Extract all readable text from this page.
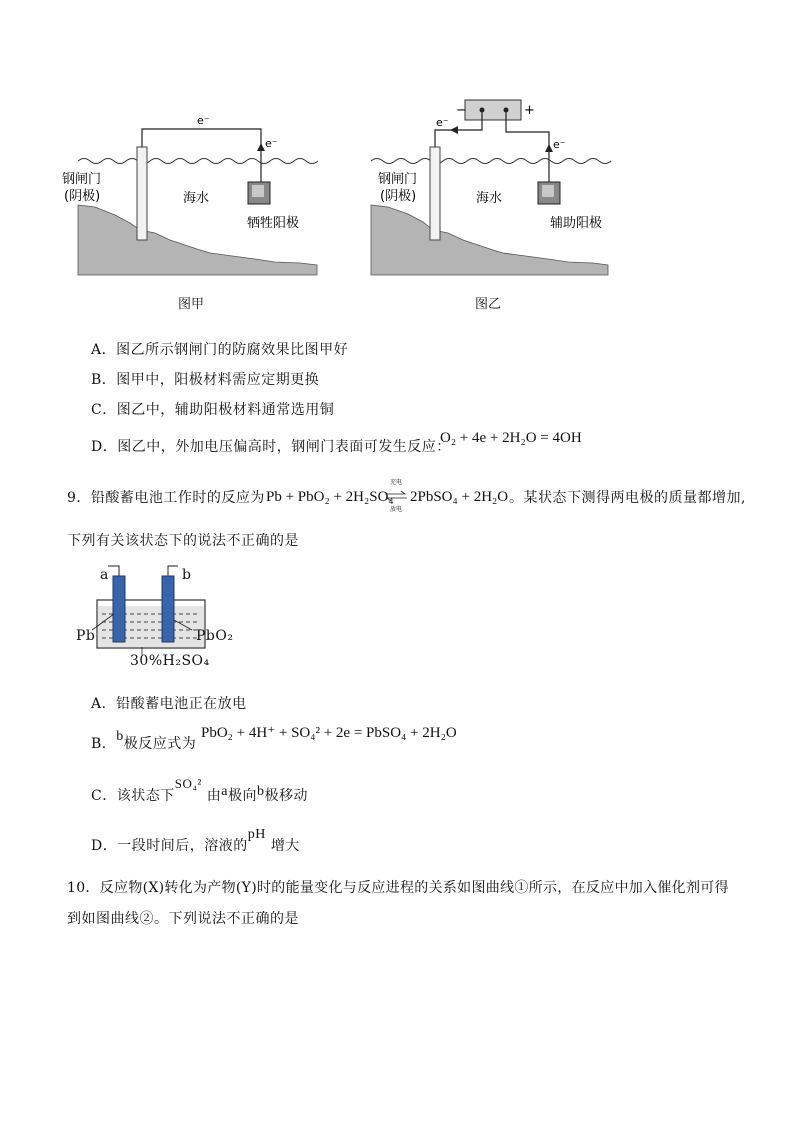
e⁻
e⁻
钢闸门
(阴极)	海水
牺牲阳极
图甲
−	+
e⁻
e⁻
钢闸门
(阴极)	海水
辅助阳极
图乙
A．图乙所示钢闸门的防腐效果比图甲好
B．图甲中，阳极材料需应定期更换
C．图乙中，辅助阳极材料通常选用铜
D．图乙中，外加电压偏高时，钢闸门表面可发生反应：
O₂ + 4e + 2H₂O = 4OH
9．铅酸蓄电池工作时的反应为 Pb + PbO₂ + 2H₂SO₄
充电
放电
2PbSO₄ + 2H₂O 。某状态下测得两电极的质量都增加,
下列有关该状态下的说法不正确的是
a	b
Pb	PbO₂
30%H₂SO₄
A．铅酸蓄电池正在放电
B．b极反应式为
PbO₂ + 4H⁺ + SO₄² + 2e = PbSO₄ + 2H₂O
C．该状态下SO₄² 由a极向b极移动
D．一段时间后，溶液的pH 增大
10．反应物(X)转化为产物(Y)时的能量变化与反应进程的关系如图曲线①所示，在反应中加入催化剂可得
到如图曲线②。下列说法不正确的是
